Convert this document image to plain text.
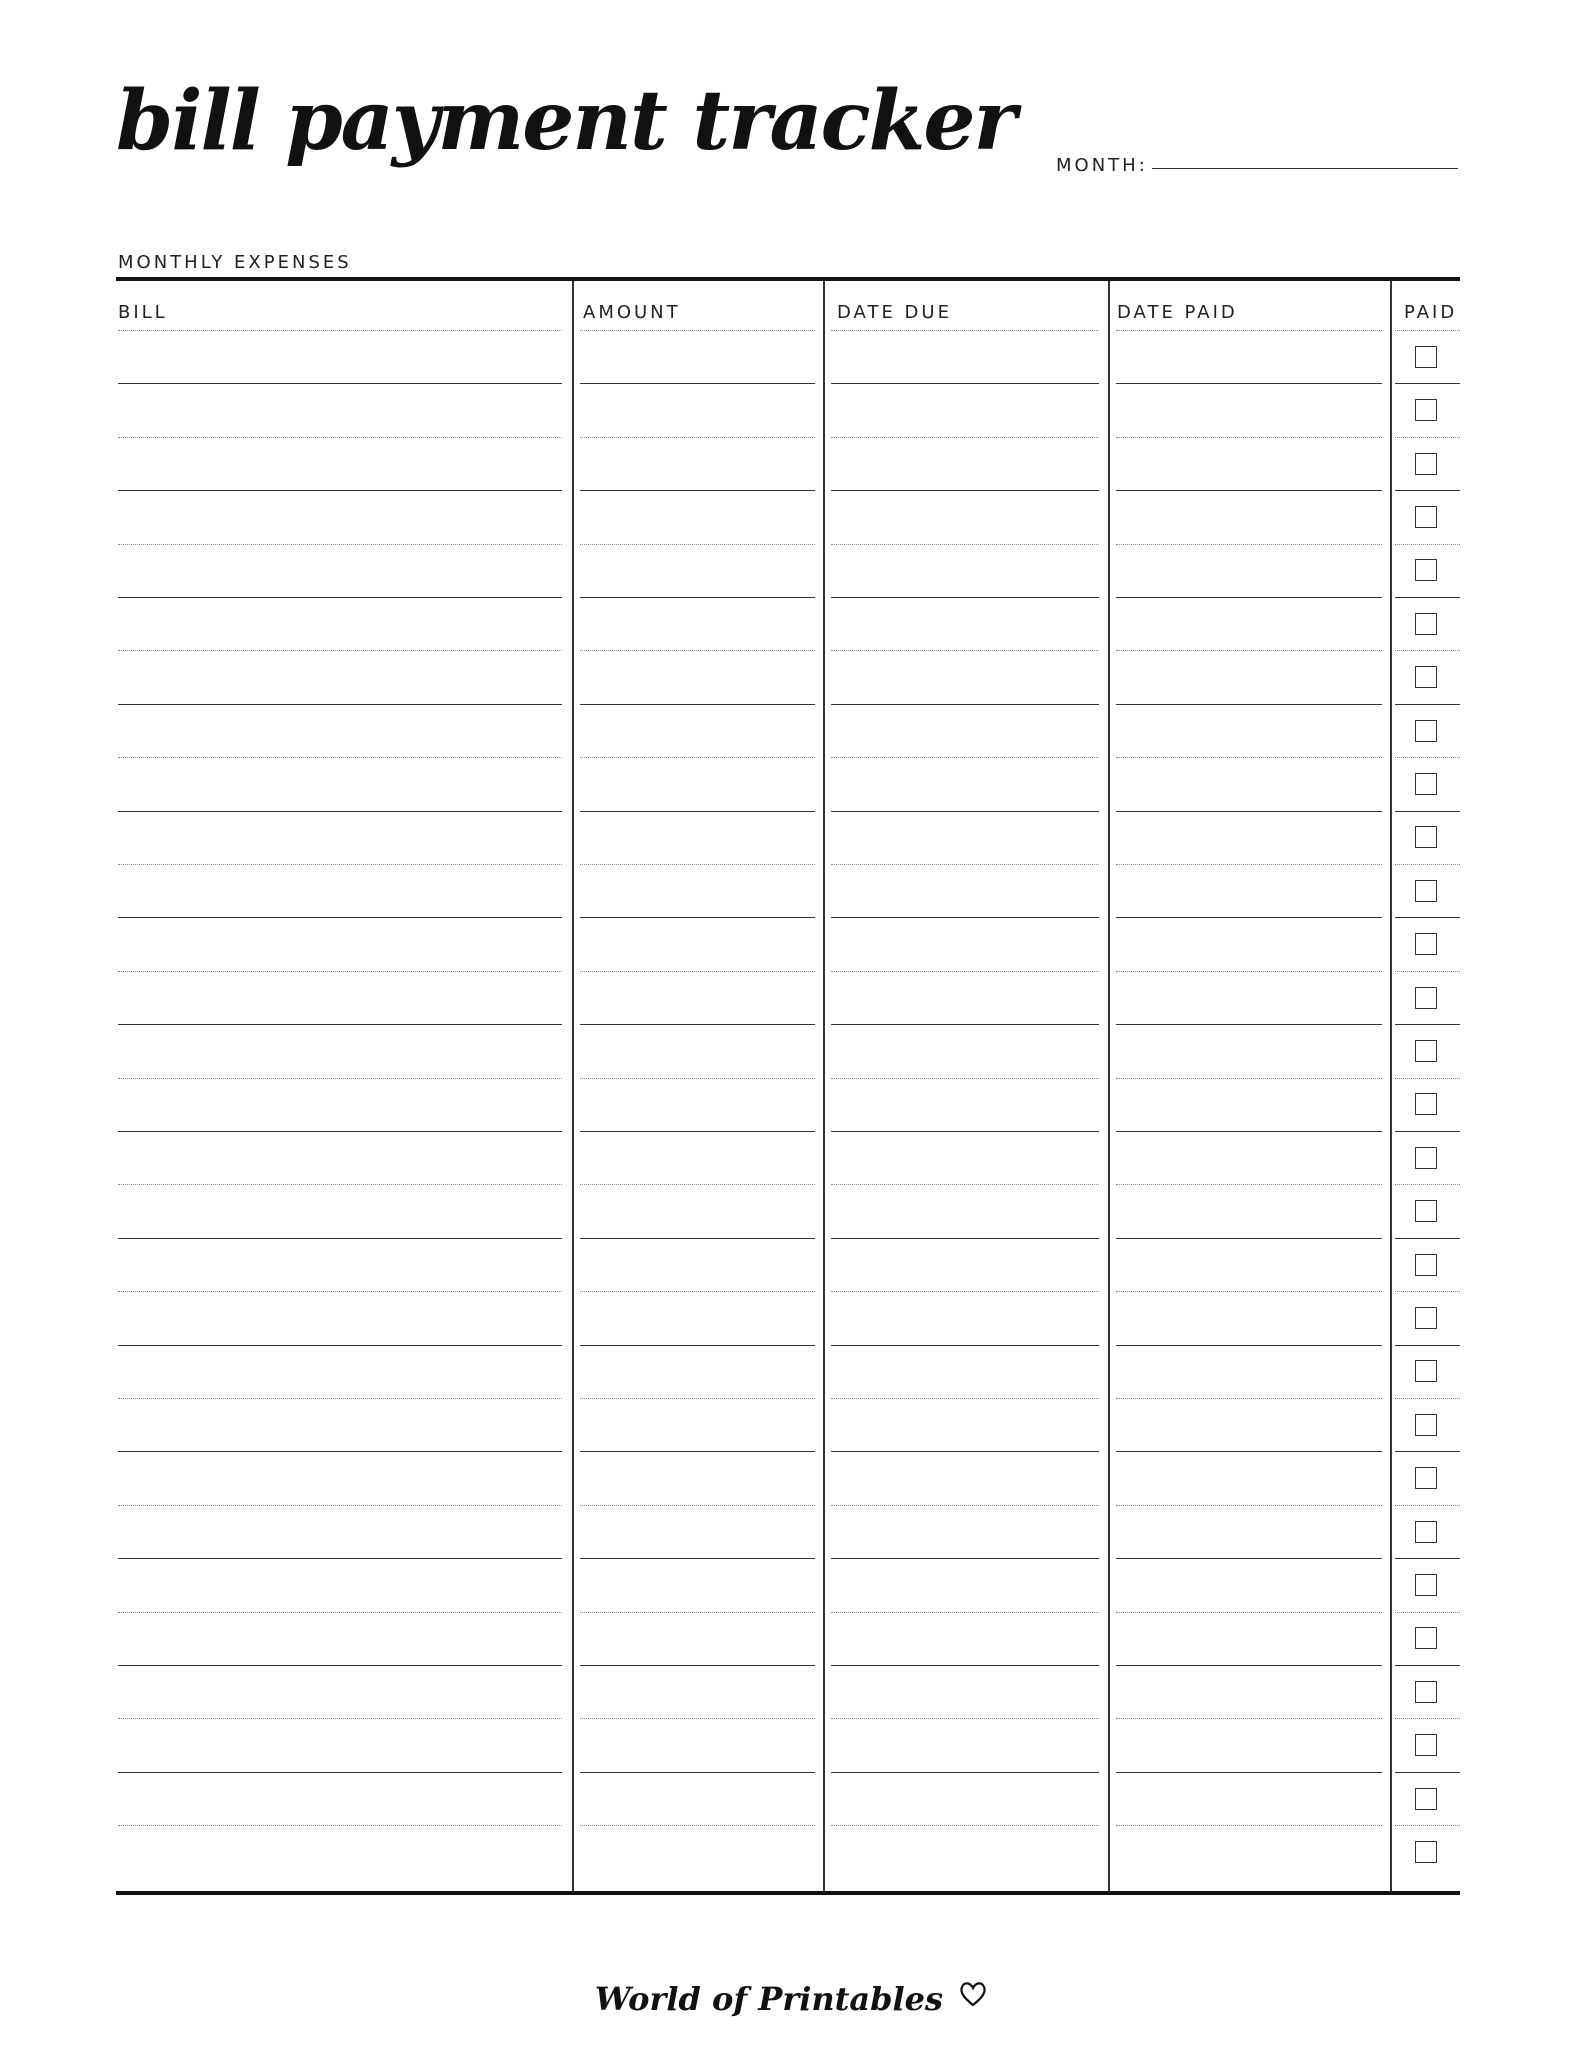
bill payment tracker MONTH:
MONTHLY EXPENSES
BILL	AMOUNT	DATE DUE	DATE PAID	PAID
World of Printables
